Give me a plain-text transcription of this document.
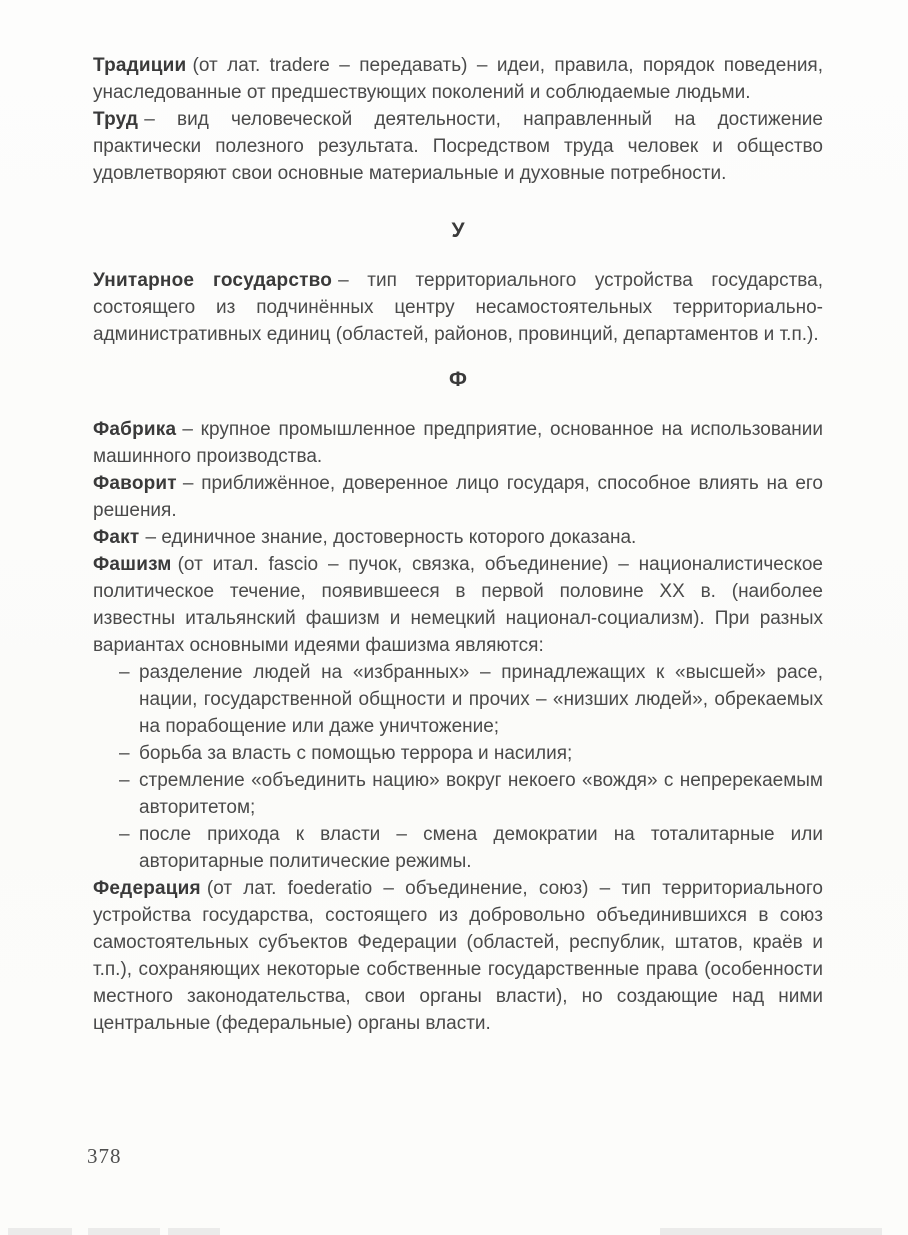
Традиции (от лат. tradere – передавать) – идеи, правила, порядок поведения, унаследованные от предшествующих поколений и соблюдаемые людьми.

Труд – вид человеческой деятельности, направленный на достижение практически полезного результата. Посредством труда человек и общество удовлетворяют свои основные материальные и духовные потребности.

У

Унитарное государство – тип территориального устройства государства, состоящего из подчинённых центру несамостоятельных территориально-административных единиц (областей, районов, провинций, департаментов и т.п.).

Ф

Фабрика – крупное промышленное предприятие, основанное на использовании машинного производства.

Фаворит – приближённое, доверенное лицо государя, способное влиять на его решения.

Факт – единичное знание, достоверность которого доказана.

Фашизм (от итал. fascio – пучок, связка, объединение) – националистическое политическое течение, появившееся в первой половине XX в. (наиболее известны итальянский фашизм и немецкий национал-социализм). При разных вариантах основными идеями фашизма являются:

– разделение людей на «избранных» – принадлежащих к «высшей» расе, нации, государственной общности и прочих – «низших людей», обрекаемых на порабощение или даже уничтожение;
– борьба за власть с помощью террора и насилия;
– стремление «объединить нацию» вокруг некоего «вождя» с непререкаемым авторитетом;
– после прихода к власти – смена демократии на тоталитарные или авторитарные политические режимы.

Федерация (от лат. foederatio – объединение, союз) – тип территориального устройства государства, состоящего из добровольно объединившихся в союз самостоятельных субъектов Федерации (областей, республик, штатов, краёв и т.п.), сохраняющих некоторые собственные государственные права (особенности местного законодательства, свои органы власти), но создающие над ними центральные (федеральные) органы власти.

378
